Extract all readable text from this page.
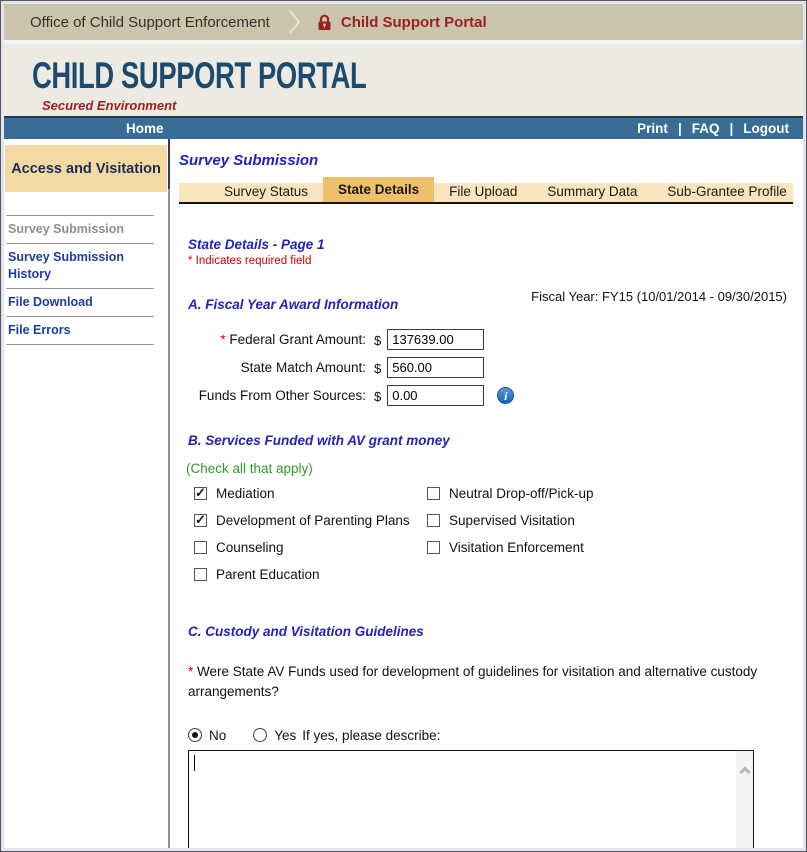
Office of Child Support Enforcement	Child Support Portal
CHILD SUPPORT PORTAL
Secured Environment
Home	Print | FAQ | Logout
Access and Visitation
Survey Submission
Survey Submission History
File Download
File Errors
Survey Submission
Survey Status	State Details	File Upload	Summary Data	Sub-Grantee Profile
State Details - Page 1
* Indicates required field
A. Fiscal Year Award Information
Fiscal Year: FY15 (10/01/2014 - 09/30/2015)
* Federal Grant Amount: $
137639.00
State Match Amount: $
560.00
Funds From Other Sources: $
0.00	i
B. Services Funded with AV grant money
(Check all that apply)
✓
Mediation
✓
Development of Parenting Plans
Counseling
Parent Education
Neutral Drop-off/Pick-up
Supervised Visitation
Visitation Enforcement
C. Custody and Visitation Guidelines
* Were State AV Funds used for development of guidelines for visitation and alternative custody arrangements?
No	Yes If yes, please describe:
